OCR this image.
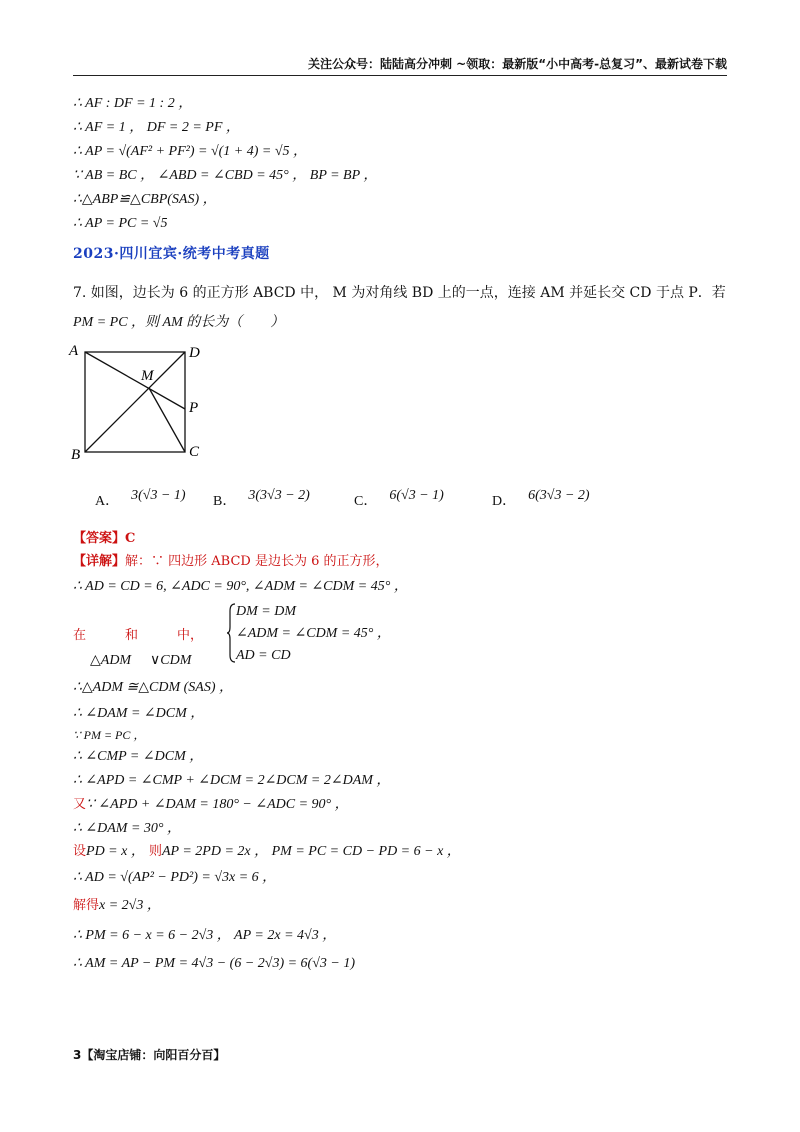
关注公众号：陆陆高分冲刺 ~领取：最新版“小中高考-总复习”、最新试卷下载
∴ AF : DF = 1 : 2 ，
∴ AF = 1 ， DF = 2 = PF ，
∴ AP = √(AF² + PF²) = √(1 + 4) = √5 ，
∵ AB = BC ， ∠ABD = ∠CBD = 45° ， BP = BP ，
∴△ABP≌△CBP(SAS) ，
∴ AP = PC = √5
2023·四川宜宾·统考中考真题
7. 如图，边长为 6 的正方形 ABCD 中， M 为对角线 BD 上的一点，连接 AM 并延长交 CD 于点 P．若
PM = PC ，则 AM 的长为（　　）
A	D
B	C
M
P
A． 3(√3 − 1) B． 3(3√3 − 2)	C． 6(√3 − 1)	D． 6(3√3 − 2)
【答案】C
【详解】解：∵ 四边形 ABCD 是边长为 6 的正方形，
∴ AD = CD = 6, ∠ADC = 90°, ∠ADM = ∠CDM = 45° ，
在　　　和　　　中，
△ADM ∨CDM
DM = DM
∠ADM = ∠CDM = 45° ，
AD = CD
∴△ADM ≅△CDM (SAS) ，
∴ ∠DAM = ∠DCM ，
∵ PM = PC ，
∴ ∠CMP = ∠DCM ，
∴ ∠APD = ∠CMP + ∠DCM = 2∠DCM = 2∠DAM ，
又∵ ∠APD + ∠DAM = 180° − ∠ADC = 90° ，
∴ ∠DAM = 30° ，
设PD = x ， 则AP = 2PD = 2x ， PM = PC = CD − PD = 6 − x ，
∴ AD = √(AP² − PD²) = √3x = 6 ，
解得x = 2√3 ，
∴ PM = 6 − x = 6 − 2√3 ， AP = 2x = 4√3 ，
∴ AM = AP − PM = 4√3 − (6 − 2√3) = 6(√3 − 1)
3【淘宝店铺：向阳百分百】
